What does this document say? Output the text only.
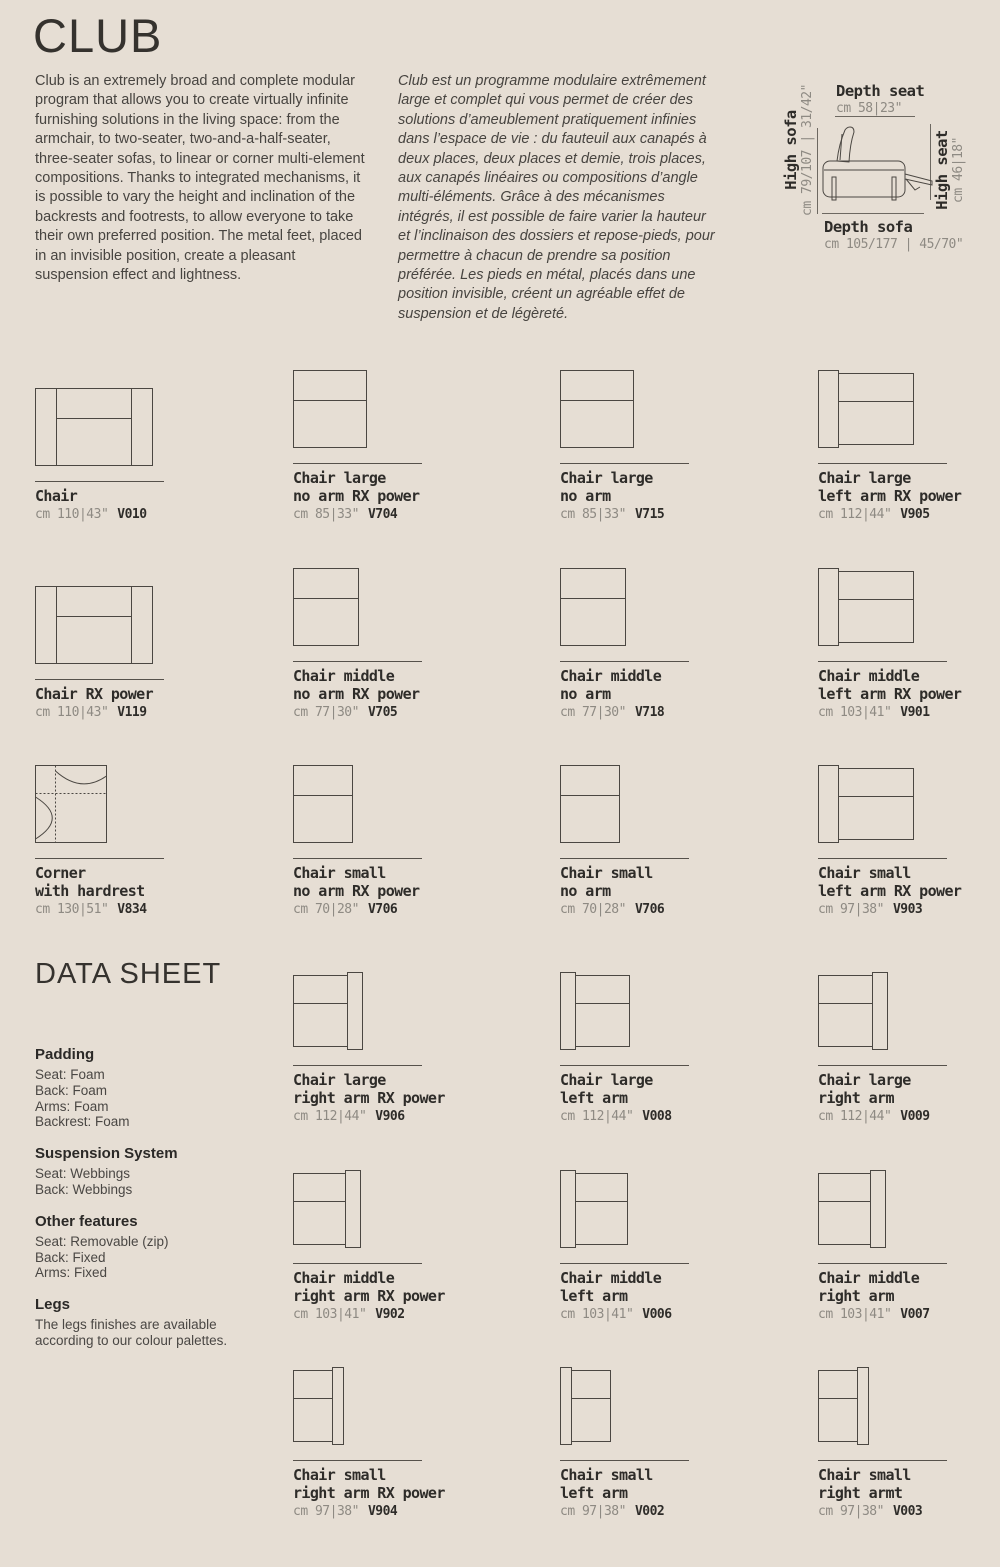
CLUB
Club is an extremely broad and complete modular program that allows you to create virtually infinite furnishing solutions in the living space: from the armchair, to two-seater, two-and-a-half-seater, three-seater sofas, to linear or corner multi-element compositions. Thanks to integrated mechanisms, it is possible to vary the height and inclination of the backrests and footrests, to allow everyone to take their own preferred position. The metal feet, placed in an invisible position, create a pleasant suspension effect and lightness.
Club est un programme modulaire extrêmement large et complet qui vous permet de créer des solutions d’ameublement pratiquement infinies dans l’espace de vie : du fauteuil aux canapés à deux places, deux places et demie, trois places, aux canapés linéaires ou compositions d’angle multi-éléments. Grâce à des mécanismes intégrés, il est possible de faire varier la hauteur et l’inclinaison des dossiers et repose-pieds, pour permettre à chacun de prendre sa position préférée. Les pieds en métal, placés dans une position invisible, créent un agréable effet de suspension et de légèreté.
Depth seat
cm 58|23"
High sofa cm 79/107 | 31/42"	High seat cm 46|18"
Depth sofa
cm 105/177 | 45/70"
Chair
cm 110|43" V010
Chair large
no arm RX power
cm 85|33" V704
Chair large
no arm
cm 85|33" V715
Chair large
left arm RX power
cm 112|44" V905
Chair RX power
cm 110|43" V119
Chair middle
no arm RX power
cm 77|30" V705
Chair middle
no arm
cm 77|30" V718
Chair middle
left arm RX power
cm 103|41" V901
Corner
with hardrest
cm 130|51" V834
Chair small
no arm RX power
cm 70|28" V706
Chair small
no arm
cm 70|28" V706
Chair small
left arm RX power
cm 97|38" V903
DATA SHEET
Padding
Seat: Foam
Back: Foam
Arms: Foam
Backrest: Foam
Suspension System
Seat: Webbings
Back: Webbings
Other features
Seat: Removable (zip)
Back: Fixed
Arms: Fixed
Legs
The legs finishes are available according to our colour palettes.
Chair large
right arm RX power
cm 112|44" V906
Chair large
left arm
cm 112|44" V008
Chair large
right arm
cm 112|44" V009
Chair middle
right arm RX power
cm 103|41" V902
Chair middle
left arm
cm 103|41" V006
Chair middle
right arm
cm 103|41" V007
Chair small
right arm RX power
cm 97|38" V904
Chair small
left arm
cm 97|38" V002
Chair small
right armt
cm 97|38" V003
